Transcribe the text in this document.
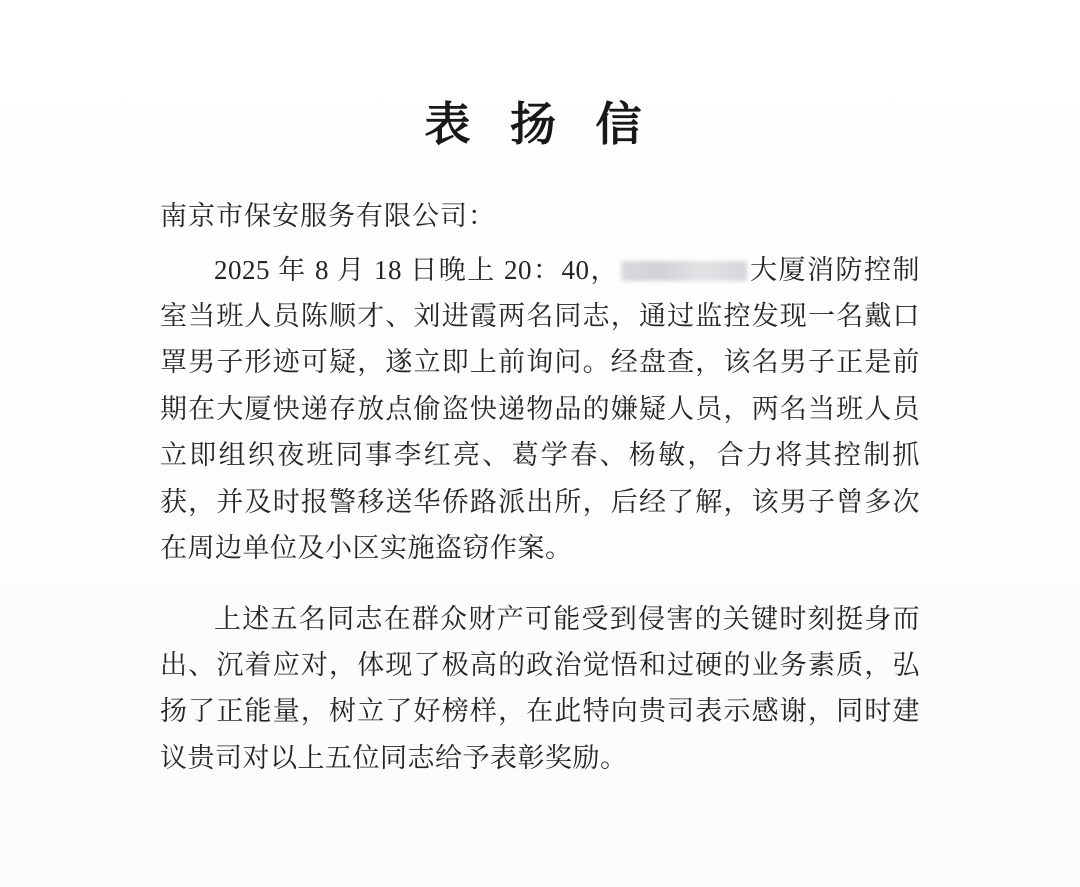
表 扬 信

南京市保安服务有限公司：

2025 年 8 月 18 日晚上 20：40，	大厦消防控制室当班人员陈顺才、刘进霞两名同志，通过监控发现一名戴口罩男子形迹可疑，遂立即上前询问。经盘查，该名男子正是前期在大厦快递存放点偷盗快递物品的嫌疑人员，两名当班人员立即组织夜班同事李红亮、葛学春、杨敏，合力将其控制抓获，并及时报警移送华侨路派出所，后经了解，该男子曾多次在周边单位及小区实施盗窃作案。

上述五名同志在群众财产可能受到侵害的关键时刻挺身而出、沉着应对，体现了极高的政治觉悟和过硬的业务素质，弘扬了正能量，树立了好榜样，在此特向贵司表示感谢，同时建议贵司对以上五位同志给予表彰奖励。
